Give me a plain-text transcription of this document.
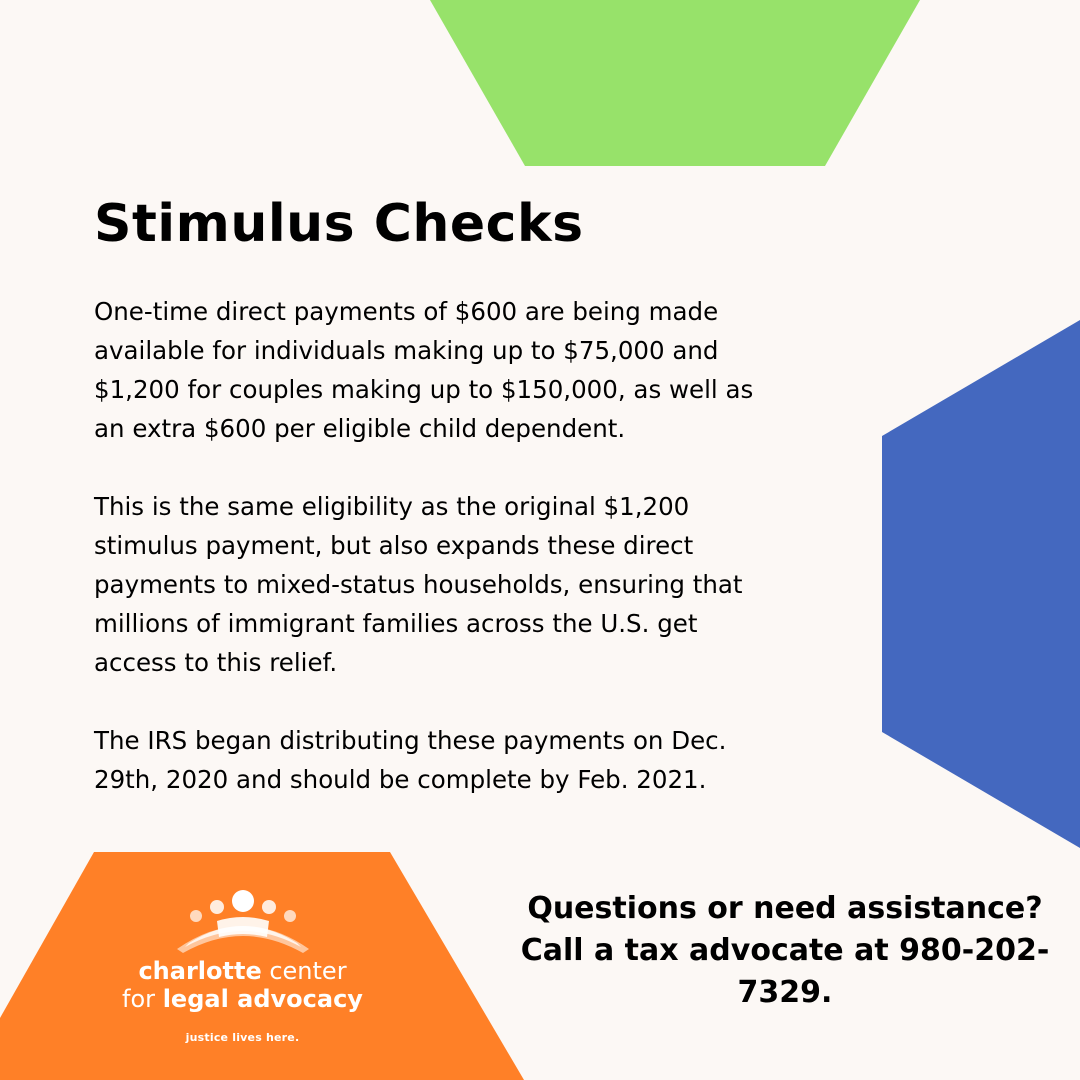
Stimulus Checks

One-time direct payments of $600 are being made
available for individuals making up to $75,000 and
$1,200 for couples making up to $150,000, as well as
an extra $600 per eligible child dependent.

This is the same eligibility as the original $1,200
stimulus payment, but also expands these direct
payments to mixed-status households, ensuring that
millions of immigrant families across the U.S. get
access to this relief.

The IRS began distributing these payments on Dec.
29th, 2020 and should be complete by Feb. 2021.

Questions or need assistance?
Call a tax advocate at 980-202-
7329.
charlotte center
for legal advocacy
justice lives here.
